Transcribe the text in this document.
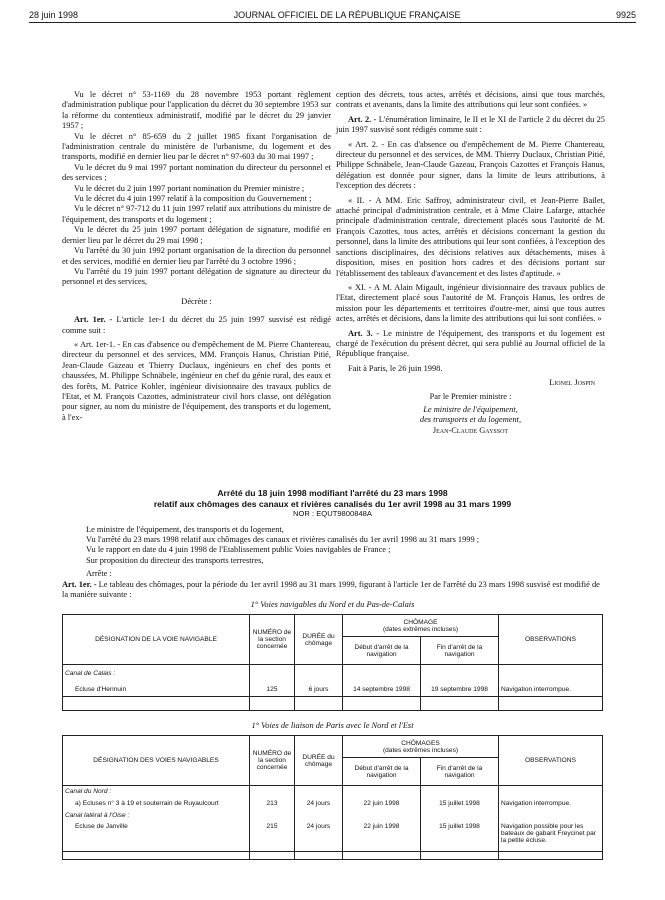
28 juin 1998	JOURNAL OFFICIEL DE LA RÉPUBLIQUE FRANÇAISE	9925

Vu le décret n° 53-1169 du 28 novembre 1953 portant règlement d'administration publique pour l'application du décret du 30 septembre 1953 sur la réforme du contentieux administratif, modifié par le décret du 29 janvier 1957 ;

Vu le décret n° 85-659 du 2 juillet 1985 fixant l'organisation de l'administration centrale du ministère de l'urbanisme, du logement et des transports, modifié en dernier lieu par le décret n° 97-603 du 30 mai 1997 ;

Vu le décret du 9 mai 1997 portant nomination du directeur du personnel et des services ;

Vu le décret du 2 juin 1997 portant nomination du Premier ministre ;

Vu le décret du 4 juin 1997 relatif à la composition du Gouvernement ;

Vu le décret n° 97-712 du 11 juin 1997 relatif aux attributions du ministre de l'équipement, des transports et du logement ;

Vu le décret du 25 juin 1997 portant délégation de signature, modifié en dernier lieu par le décret du 29 mai 1998 ;

Vu l'arrêté du 30 juin 1992 portant organisation de la direction du personnel et des services, modifié en dernier lieu par l'arrêté du 3 octobre 1996 ;

Vu l'arrêté du 19 juin 1997 portant délégation de signature au directeur du personnel et des services,

Décrète :

Art. 1er. - L'article 1er-1 du décret du 25 juin 1997 susvisé est rédigé comme suit :

« Art. 1er-1. - En cas d'absence ou d'empêchement de M. Pierre Chantereau, directeur du personnel et des services, MM. François Hanus, Christian Pitié, Jean-Claude Gazeau et Thierry Duclaux, ingénieurs en chef des ponts et chaussées, M. Philippe Schnäbele, ingénieur en chef du génie rural, des eaux et des forêts, M. Patrice Kohler, ingénieur divisionnaire des travaux publics de l'Etat, et M. François Cazottes, administrateur civil hors classe, ont délégation pour signer, au nom du ministre de l'équipement, des transports et du logement, à l'ex-

ception des décrets, tous actes, arrêtés et décisions, ainsi que tous marchés, contrats et avenants, dans la limite des attributions qui leur sont confiées. »

Art. 2. - L'énumération liminaire, le II et le XI de l'article 2 du décret du 25 juin 1997 susvisé sont rédigés comme suit :

« Art. 2. - En cas d'absence ou d'empêchement de M. Pierre Chantereau, directeur du personnel et des services, de MM. Thierry Duclaux, Christian Pitié, Philippe Schnäbele, Jean-Claude Gazeau, François Cazottes et François Hanus, délégation est donnée pour signer, dans la limite de leurs attributions, à l'exception des décrets :

« II. - A MM. Eric Saffroy, administrateur civil, et Jean-Pierre Bailet, attaché principal d'administration centrale, et à Mme Claire Lafarge, attachée principale d'administration centrale, directement placés sous l'autorité de M. François Cazottes, tous actes, arrêtés et décisions concernant la gestion du personnel, dans la limite des attributions qui leur sont confiées, à l'exception des sanctions disciplinaires, des décisions relatives aux détachements, mises à disposition, mises en position hors cadres et des décisions portant sur l'établissement des tableaux d'avancement et des listes d'aptitude. »

« XI. - A M. Alain Migault, ingénieur divisionnaire des travaux publics de l'Etat, directement placé sous l'autorité de M. François Hanus, les ordres de mission pour les départements et territoires d'outre-mer, ainsi que tous autres actes, arrêtés et décisions, dans la limite des attributions qui lui sont confiées. »

Art. 3. - Le ministre de l'équipement, des transports et du logement est chargé de l'exécution du présent décret, qui sera publié au Journal officiel de la République française.

Fait à Paris, le 26 juin 1998.

Lionel Jospin

Par le Premier ministre :

Le ministre de l'équipement,

des transports et du logement,

Jean-Claude Gayssot

Arrêté du 18 juin 1998 modifiant l'arrêté du 23 mars 1998
relatif aux chômages des canaux et rivières canalisés du 1er avril 1998 au 31 mars 1999
NOR : EQUT9800848A

Le ministre de l'équipement, des transports et du logement,

Vu l'arrêté du 23 mars 1998 relatif aux chômages des canaux et rivières canalisés du 1er avril 1998 au 31 mars 1999 ;

Vu le rapport en date du 4 juin 1998 de l'Etablissement public Voies navigables de France ;

Sur proposition du directeur des transports terrestres,

Arrête :

Art. 1er. - Le tableau des chômages, pour la période du 1er avril 1998 au 31 mars 1999, figurant à l'article 1er de l'arrêté du 23 mars 1998 susvisé est modifié de la manière suivante :

1° Voies navigables du Nord et du Pas-de-Calais
DÉSIGNATION DE LA VOIE NAVIGABLE	NUMÉRO de la section concernée	DURÉE du chômage	CHÔMAGE
(dates extrêmes incluses)		OBSERVATIONS
			Début d'arrêt de la navigation	Fin d'arrêt de la navigation	
Canal de Calais :					
Ecluse d'Hennuin	125	6 jours	14 septembre 1998	19 septembre 1998	Navigation interrompue.

1° Voies de liaison de Paris avec le Nord et l'Est
DÉSIGNATION DES VOIES NAVIGABLES	NUMÉRO de la section concernée	DURÉE du chômage	CHÔMAGES
(dates extrêmes incluses)		OBSERVATIONS
			Début d'arrêt de la navigation	Fin d'arrêt de la navigation	
Canal du Nord :					
a) Ecluses n° 3 à 19 et souterrain de Ruyaulcourt	213	24 jours	22 juin 1998	15 juillet 1998	Navigation interrompue.
Canal latéral à l'Oise :					
Ecluse de Janville	215	24 jours	22 juin 1998	15 juillet 1998	Navigation possible pour les bateaux de gabarit Freycinet par la petite écluse.
